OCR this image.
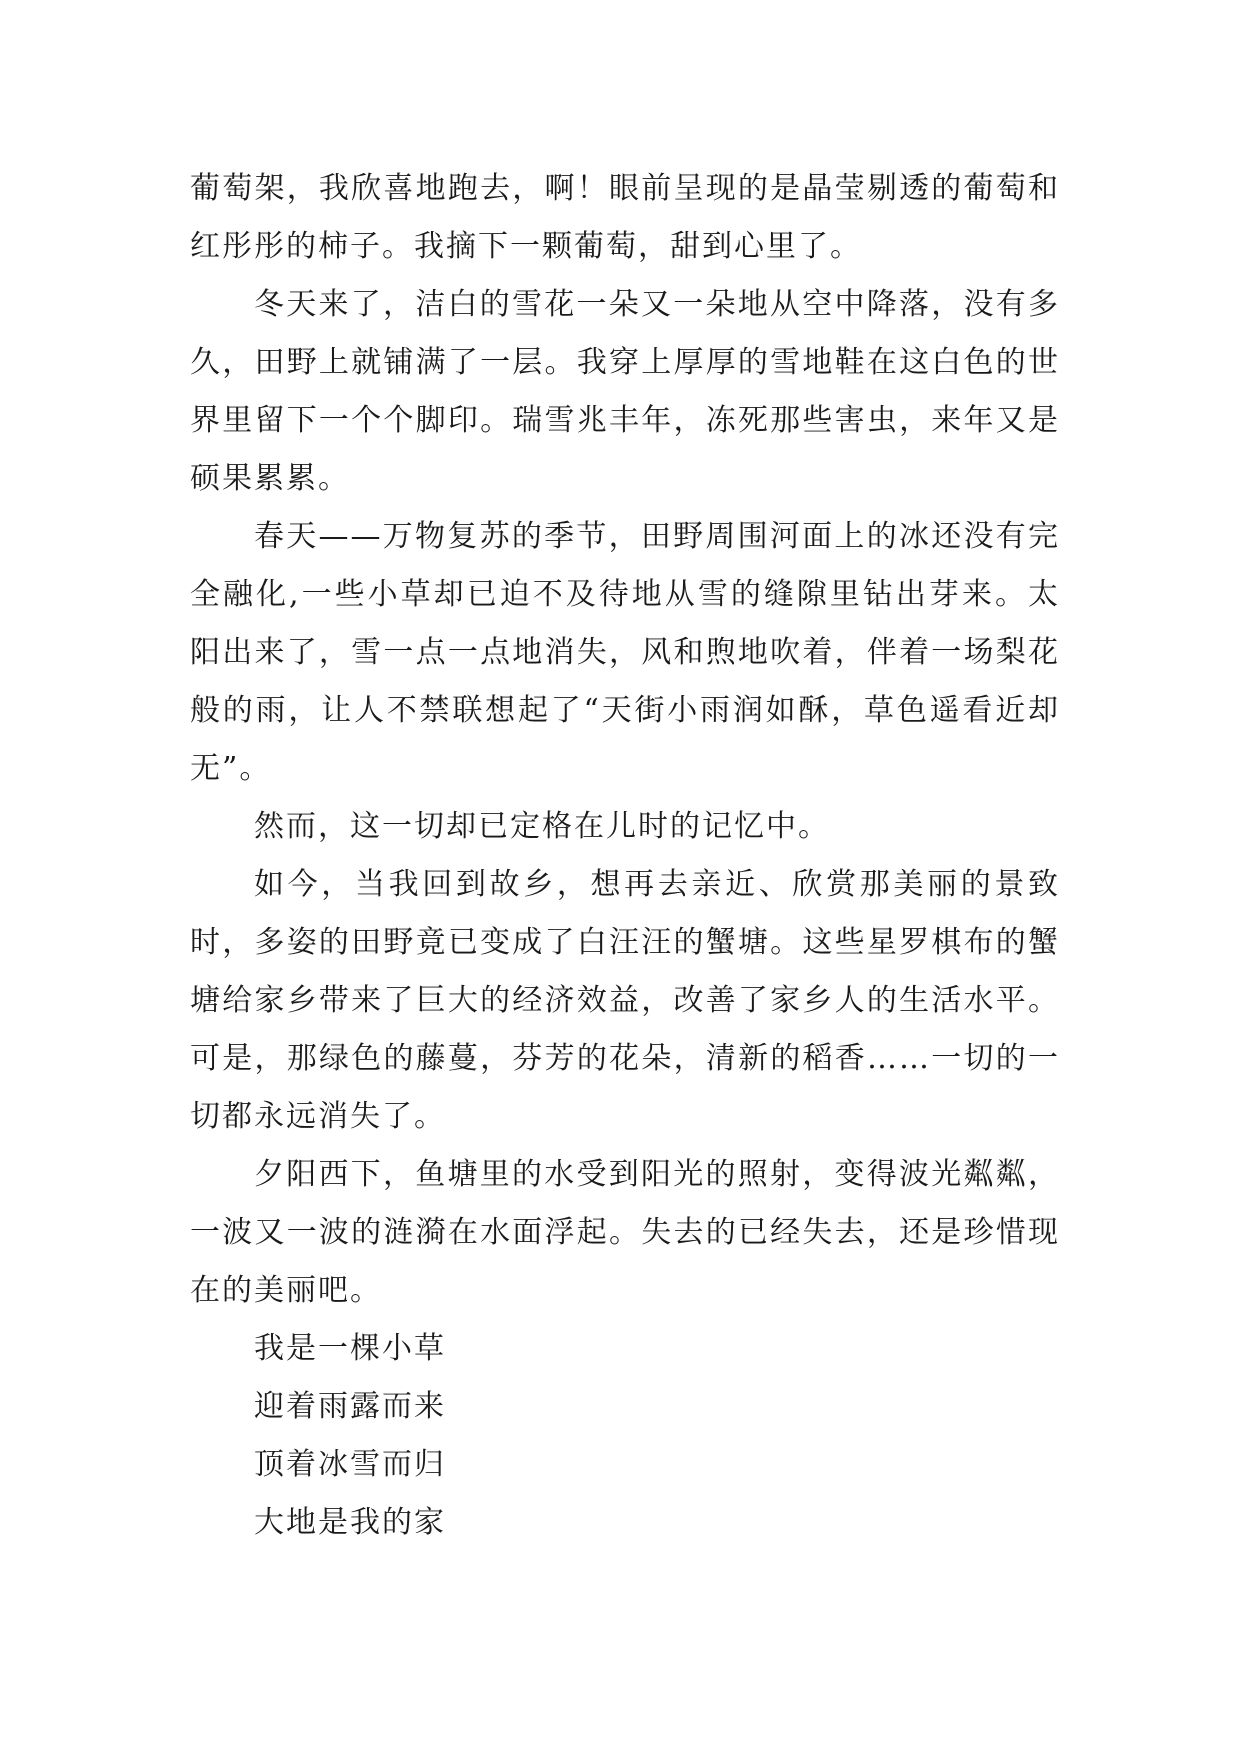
葡萄架，我欣喜地跑去，啊！眼前呈现的是晶莹剔透的葡萄和红彤彤的柿子。我摘下一颗葡萄，甜到心里了。

冬天来了，洁白的雪花一朵又一朵地从空中降落，没有多久，田野上就铺满了一层。我穿上厚厚的雪地鞋在这白色的世界里留下一个个脚印。瑞雪兆丰年，冻死那些害虫，来年又是硕果累累。

春天——万物复苏的季节，田野周围河面上的冰还没有完全融化,一些小草却已迫不及待地从雪的缝隙里钻出芽来。太阳出来了，雪一点一点地消失，风和煦地吹着，伴着一场梨花般的雨，让人不禁联想起了“天街小雨润如酥，草色遥看近却无”。

然而，这一切却已定格在儿时的记忆中。

如今，当我回到故乡，想再去亲近、欣赏那美丽的景致时，多姿的田野竟已变成了白汪汪的蟹塘。这些星罗棋布的蟹塘给家乡带来了巨大的经济效益，改善了家乡人的生活水平。可是，那绿色的藤蔓，芬芳的花朵，清新的稻香……一切的一切都永远消失了。

夕阳西下，鱼塘里的水受到阳光的照射，变得波光粼粼，一波又一波的涟漪在水面浮起。失去的已经失去，还是珍惜现在的美丽吧。

我是一棵小草

迎着雨露而来

顶着冰雪而归

大地是我的家
